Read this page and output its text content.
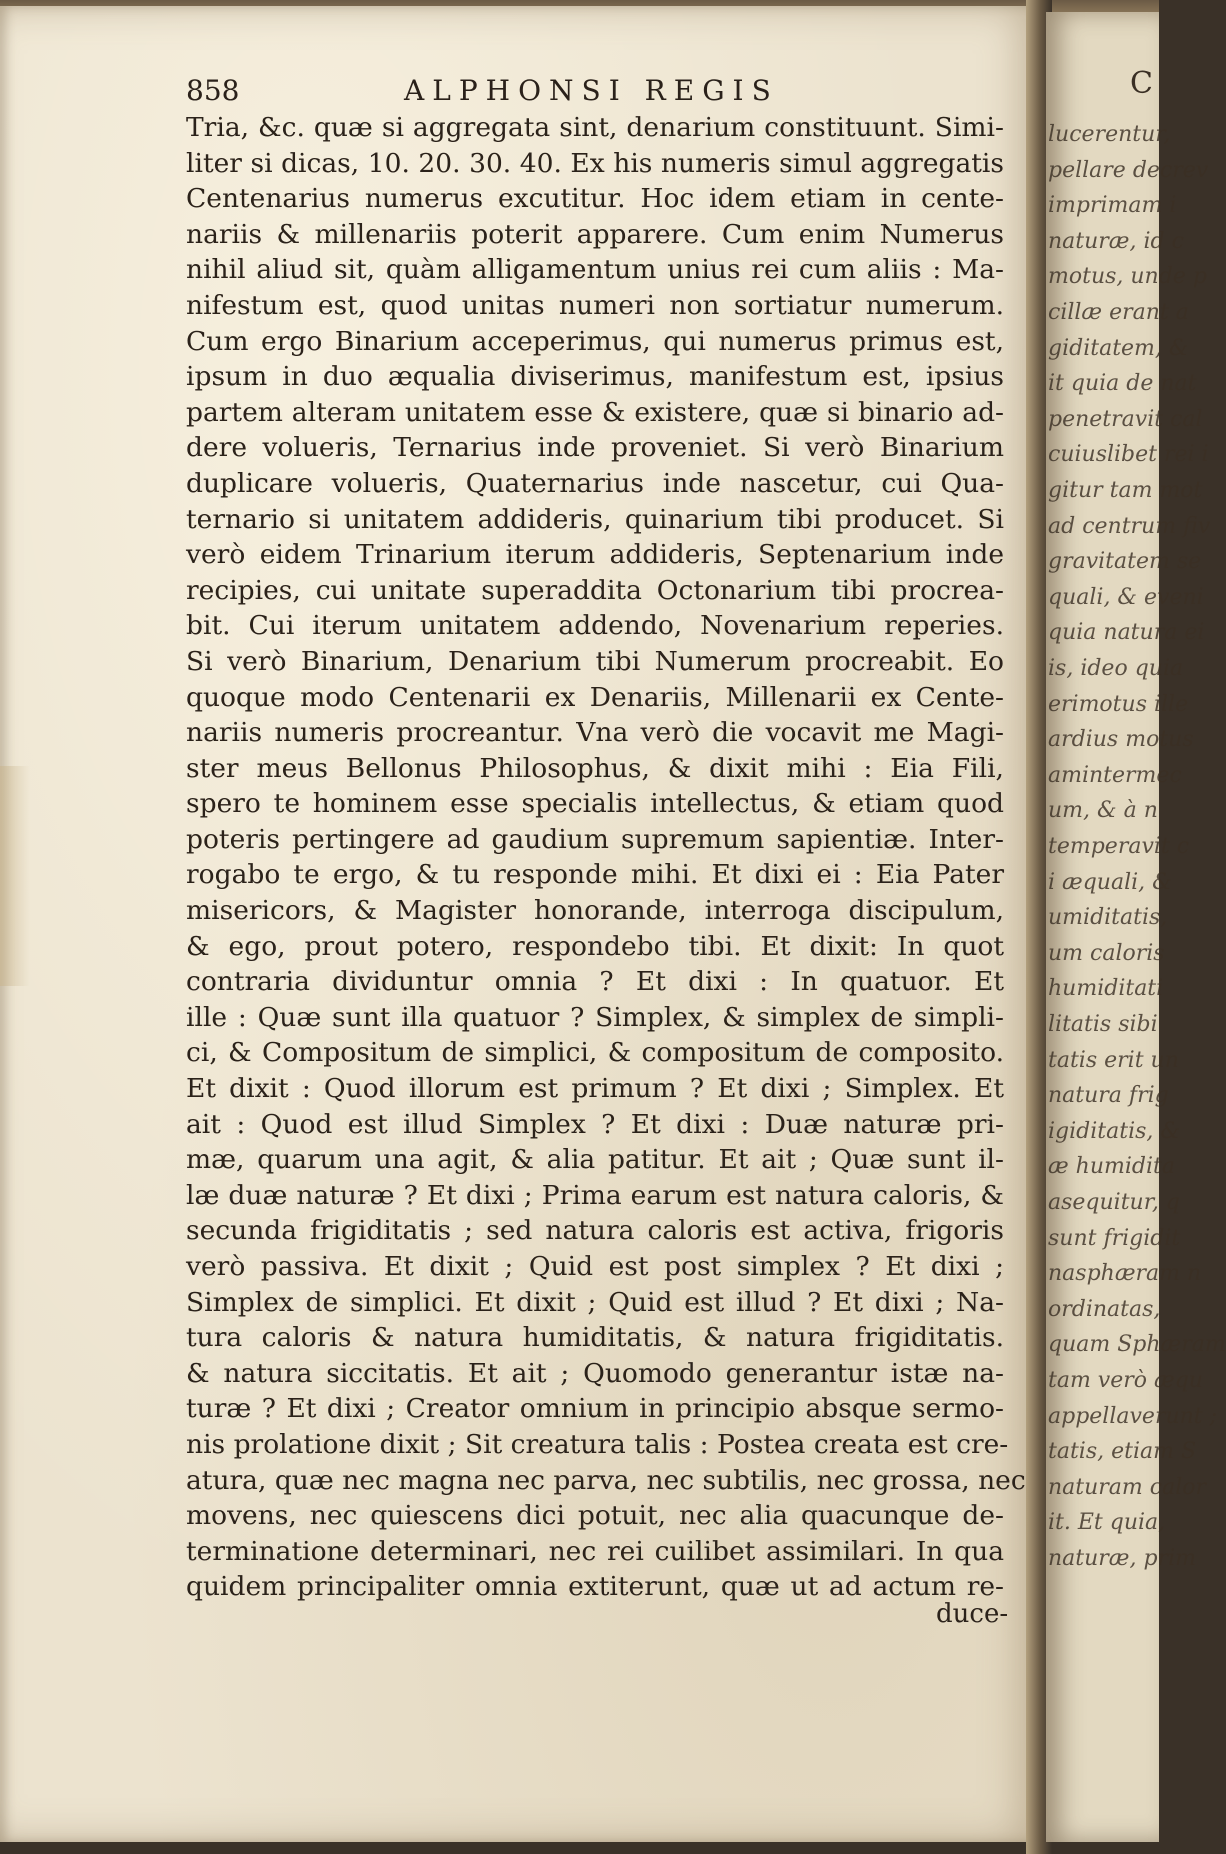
858	ALPHONSI REGIS
Tria, &c. quæ si aggregata sint, denarium constituunt. Simi-
liter si dicas, 10. 20. 30. 40. Ex his numeris simul aggregatis
Centenarius numerus excutitur. Hoc idem etiam in cente-
nariis & millenariis poterit apparere. Cum enim Numerus
nihil aliud sit, quàm alligamentum unius rei cum aliis : Ma-
nifestum est, quod unitas numeri non sortiatur numerum.
Cum ergo Binarium acceperimus, qui numerus primus est,
ipsum in duo æqualia diviserimus, manifestum est, ipsius
partem alteram unitatem esse & existere, quæ si binario ad-
dere volueris, Ternarius inde proveniet. Si verò Binarium
duplicare volueris, Quaternarius inde nascetur, cui Qua-
ternario si unitatem addideris, quinarium tibi producet. Si
verò eidem Trinarium iterum addideris, Septenarium inde
recipies, cui unitate superaddita Octonarium tibi procrea-
bit. Cui iterum unitatem addendo, Novenarium reperies.
Si verò Binarium, Denarium tibi Numerum procreabit. Eo
quoque modo Centenarii ex Denariis, Millenarii ex Cente-
nariis numeris procreantur. Vna verò die vocavit me Magi-
ster meus Bellonus Philosophus, & dixit mihi : Eia Fili,
spero te hominem esse specialis intellectus, & etiam quod
poteris pertingere ad gaudium supremum sapientiæ. Inter-
rogabo te ergo, & tu responde mihi. Et dixi ei : Eia Pater
misericors, & Magister honorande, interroga discipulum,
& ego, prout potero, respondebo tibi. Et dixit: In quot
contraria dividuntur omnia ? Et dixi : In quatuor. Et
ille : Quæ sunt illa quatuor ? Simplex, & simplex de simpli-
ci, & Compositum de simplici, & compositum de composito.
Et dixit : Quod illorum est primum ? Et dixi ; Simplex. Et
ait : Quod est illud Simplex ? Et dixi : Duæ naturæ pri-
mæ, quarum una agit, & alia patitur. Et ait ; Quæ sunt il-
læ duæ naturæ ? Et dixi ; Prima earum est natura caloris, &
secunda frigiditatis ; sed natura caloris est activa, frigoris
verò passiva. Et dixit ; Quid est post simplex ? Et dixi ;
Simplex de simplici. Et dixit ; Quid est illud ? Et dixi ; Na-
tura caloris & natura humiditatis, & natura frigiditatis.
& natura siccitatis. Et ait ; Quomodo generantur istæ na-
turæ ? Et dixi ; Creator omnium in principio absque sermo-
nis prolatione dixit ; Sit creatura talis : Postea creata est cre-
atura, quæ nec magna nec parva, nec subtilis, nec grossa, nec
movens, nec quiescens dici potuit, nec alia quacunque de-
terminatione determinari, nec rei cuilibet assimilari. In qua
quidem principaliter omnia extiterunt, quæ ut ad actum re-
duce-
C
lucerentur,
pellare decrev
imprimam i
naturæ, id c
motus, unde p
cillæ erant a
giditatem, &
it quia de nat
penetravit cal
cuiuslibet rei i
gitur tam mot
ad centrum fiv
gravitatem se
quali, & eveni
quia natura ei
is, ideo quia
erimotus ille
ardius motus
amintermec
um, & à n
temperavit c
i æquali, &
umiditatis,
um caloris
humiditati
litatis sibi
tatis erit un
natura frig
igiditatis, &
æ humidita
asequitur, q
sunt frigidit
nasphæram n
ordinatas,
quam Sphæram
tam verò æqu
appellaverunt ;
tatis, etiam S
naturam calor
it. Et quia,
naturæ, prim
